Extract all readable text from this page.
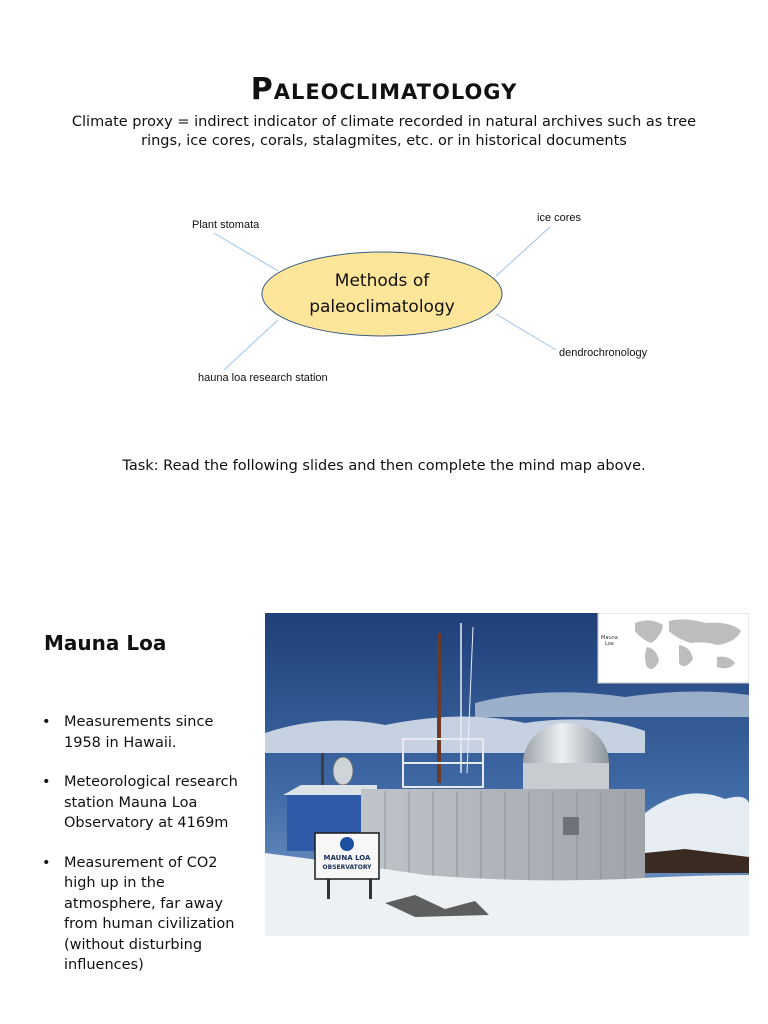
Paleoclimatology
Climate proxy = indirect indicator of climate recorded in natural archives such as tree rings, ice cores, corals, stalagmites, etc. or in historical documents
Methods of
paleoclimatology
Plant stomata
ice cores
dendrochronology
hauna loa research station
Task: Read the following slides and then complete the mind map above.
Mauna Loa
• Measurements since 1958 in Hawaii.
• Meteorological research station Mauna Loa Observatory at 4169m
• Measurement of CO2 high up in the atmosphere, far away from human civilization (without disturbing influences)
MAUNA LOA
OBSERVATORY
Mauna
Loa
